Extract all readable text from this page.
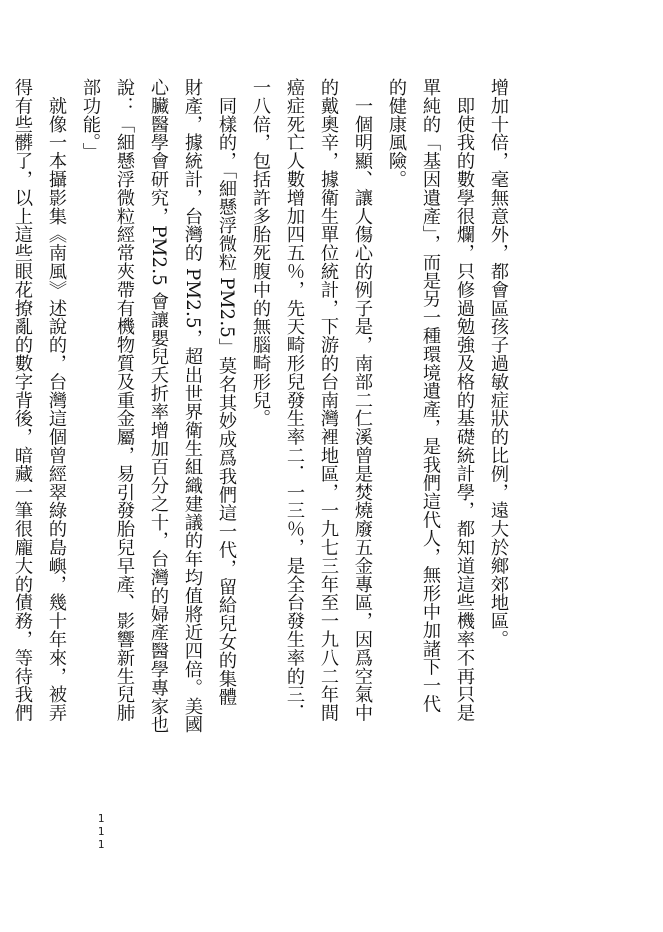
增加十倍，毫無意外，都會區孩子過敏症狀的比例，遠大於鄉郊地區。

　即使我的數學很爛，只修過勉強及格的基礎統計學，都知道這些機率不再只是

單純的「基因遺產」，而是另一種環境遺產，是我們這代人，無形中加諸下一代

的健康風險。

　一個明顯、讓人傷心的例子是，南部二仁溪曾是焚燒廢五金專區，因爲空氣中

的戴奧辛，據衛生單位統計，下游的台南灣裡地區，一九七三年至一九八二年間

癌症死亡人數增加四五％，先天畸形兒發生率二．一三％，是全台發生率的三．

一八倍，包括許多胎死腹中的無腦畸形兒。

　同樣的，「細懸浮微粒 PM2.5」莫名其妙成爲我們這一代，留給兒女的集體

財產，據統計，台灣的 PM2.5，超出世界衛生組織建議的年均值將近四倍。美國

心臟醫學會研究，PM2.5 會讓嬰兒夭折率增加百分之十，台灣的婦產醫學專家也

說：「細懸浮微粒經常夾帶有機物質及重金屬，易引發胎兒早產、影響新生兒肺

部功能。」

　就像一本攝影集《南風》述說的，台灣這個曾經翠綠的島嶼，幾十年來，被弄

得有些髒了，以上這些眼花撩亂的數字背後，暗藏一筆很龐大的債務，等待我們

1
1
1
